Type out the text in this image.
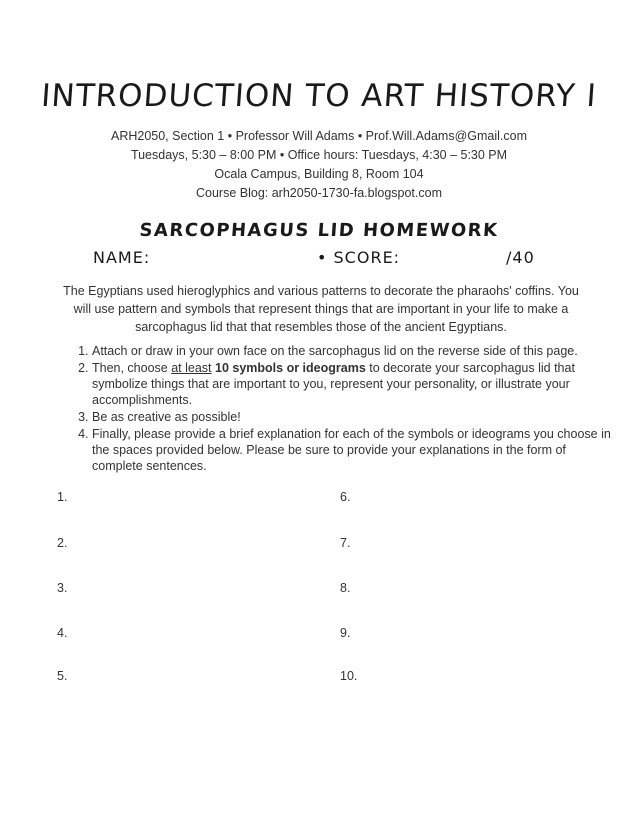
INTRODUCTION TO ART HISTORY I
ARH2050, Section 1 • Professor Will Adams • Prof.Will.Adams@Gmail.com
Tuesdays, 5:30 – 8:00 PM • Office hours: Tuesdays, 4:30 – 5:30 PM
Ocala Campus, Building 8, Room 104
Course Blog: arh2050-1730-fa.blogspot.com
SARCOPHAGUS LID HOMEWORK
NAME:	• SCORE:	/40
The Egyptians used hieroglyphics and various patterns to decorate the pharaohs' coffins. You will use pattern and symbols that represent things that are important in your life to make a sarcophagus lid that that resembles those of the ancient Egyptians.
1. Attach or draw in your own face on the sarcophagus lid on the reverse side of this page.
2. Then, choose at least 10 symbols or ideograms to decorate your sarcophagus lid that symbolize things that are important to you, represent your personality, or illustrate your accomplishments.
3. Be as creative as possible!
4. Finally, please provide a brief explanation for each of the symbols or ideograms you choose in the spaces provided below. Please be sure to provide your explanations in the form of complete sentences.
1.
2.
3.
4.
5.
6.
7.
8.
9.
10.
